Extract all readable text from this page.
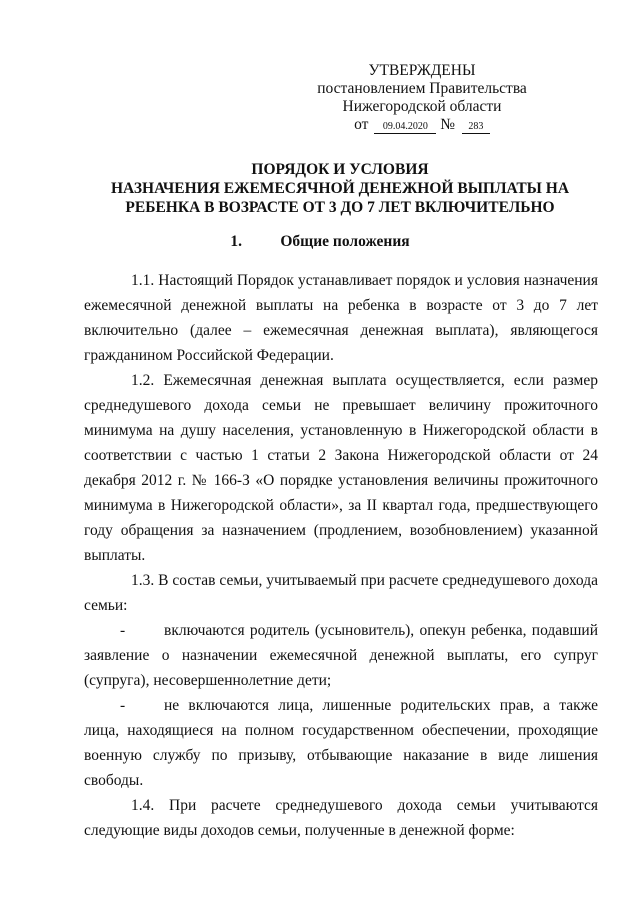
УТВЕРЖДЕНЫ
постановлением Правительства
Нижегородской области
от 09.04.2020 № 283
ПОРЯДОК И УСЛОВИЯ
НАЗНАЧЕНИЯ ЕЖЕМЕСЯЧНОЙ ДЕНЕЖНОЙ ВЫПЛАТЫ НА
РЕБЕНКА В ВОЗРАСТЕ ОТ 3 ДО 7 ЛЕТ ВКЛЮЧИТЕЛЬНО
1. Общие положения

1.1. Настоящий Порядок устанавливает порядок и условия назначения ежемесячной денежной выплаты на ребенка в возрасте от 3 до 7 лет включительно (далее – ежемесячная денежная выплата), являющегося гражданином Российской Федерации.

1.2. Ежемесячная денежная выплата осуществляется, если размер среднедушевого дохода семьи не превышает величину прожиточного минимума на душу населения, установленную в Нижегородской области в соответствии с частью 1 статьи 2 Закона Нижегородской области от 24 декабря 2012 г. № 166-З «О порядке установления величины прожиточного минимума в Нижегородской области», за II квартал года, предшествующего году обращения за назначением (продлением, возобновлением) указанной выплаты.

1.3. В состав семьи, учитываемый при расчете среднедушевого дохода семьи:

-	включаются родитель (усыновитель), опекун ребенка, подавший заявление о назначении ежемесячной денежной выплаты, его супруг (супруга), несовершеннолетние дети;

-	не включаются лица, лишенные родительских прав, а также лица, находящиеся на полном государственном обеспечении, проходящие военную службу по призыву, отбывающие наказание в виде лишения свободы.

1.4. При расчете среднедушевого дохода семьи учитываются следующие виды доходов семьи, полученные в денежной форме:
